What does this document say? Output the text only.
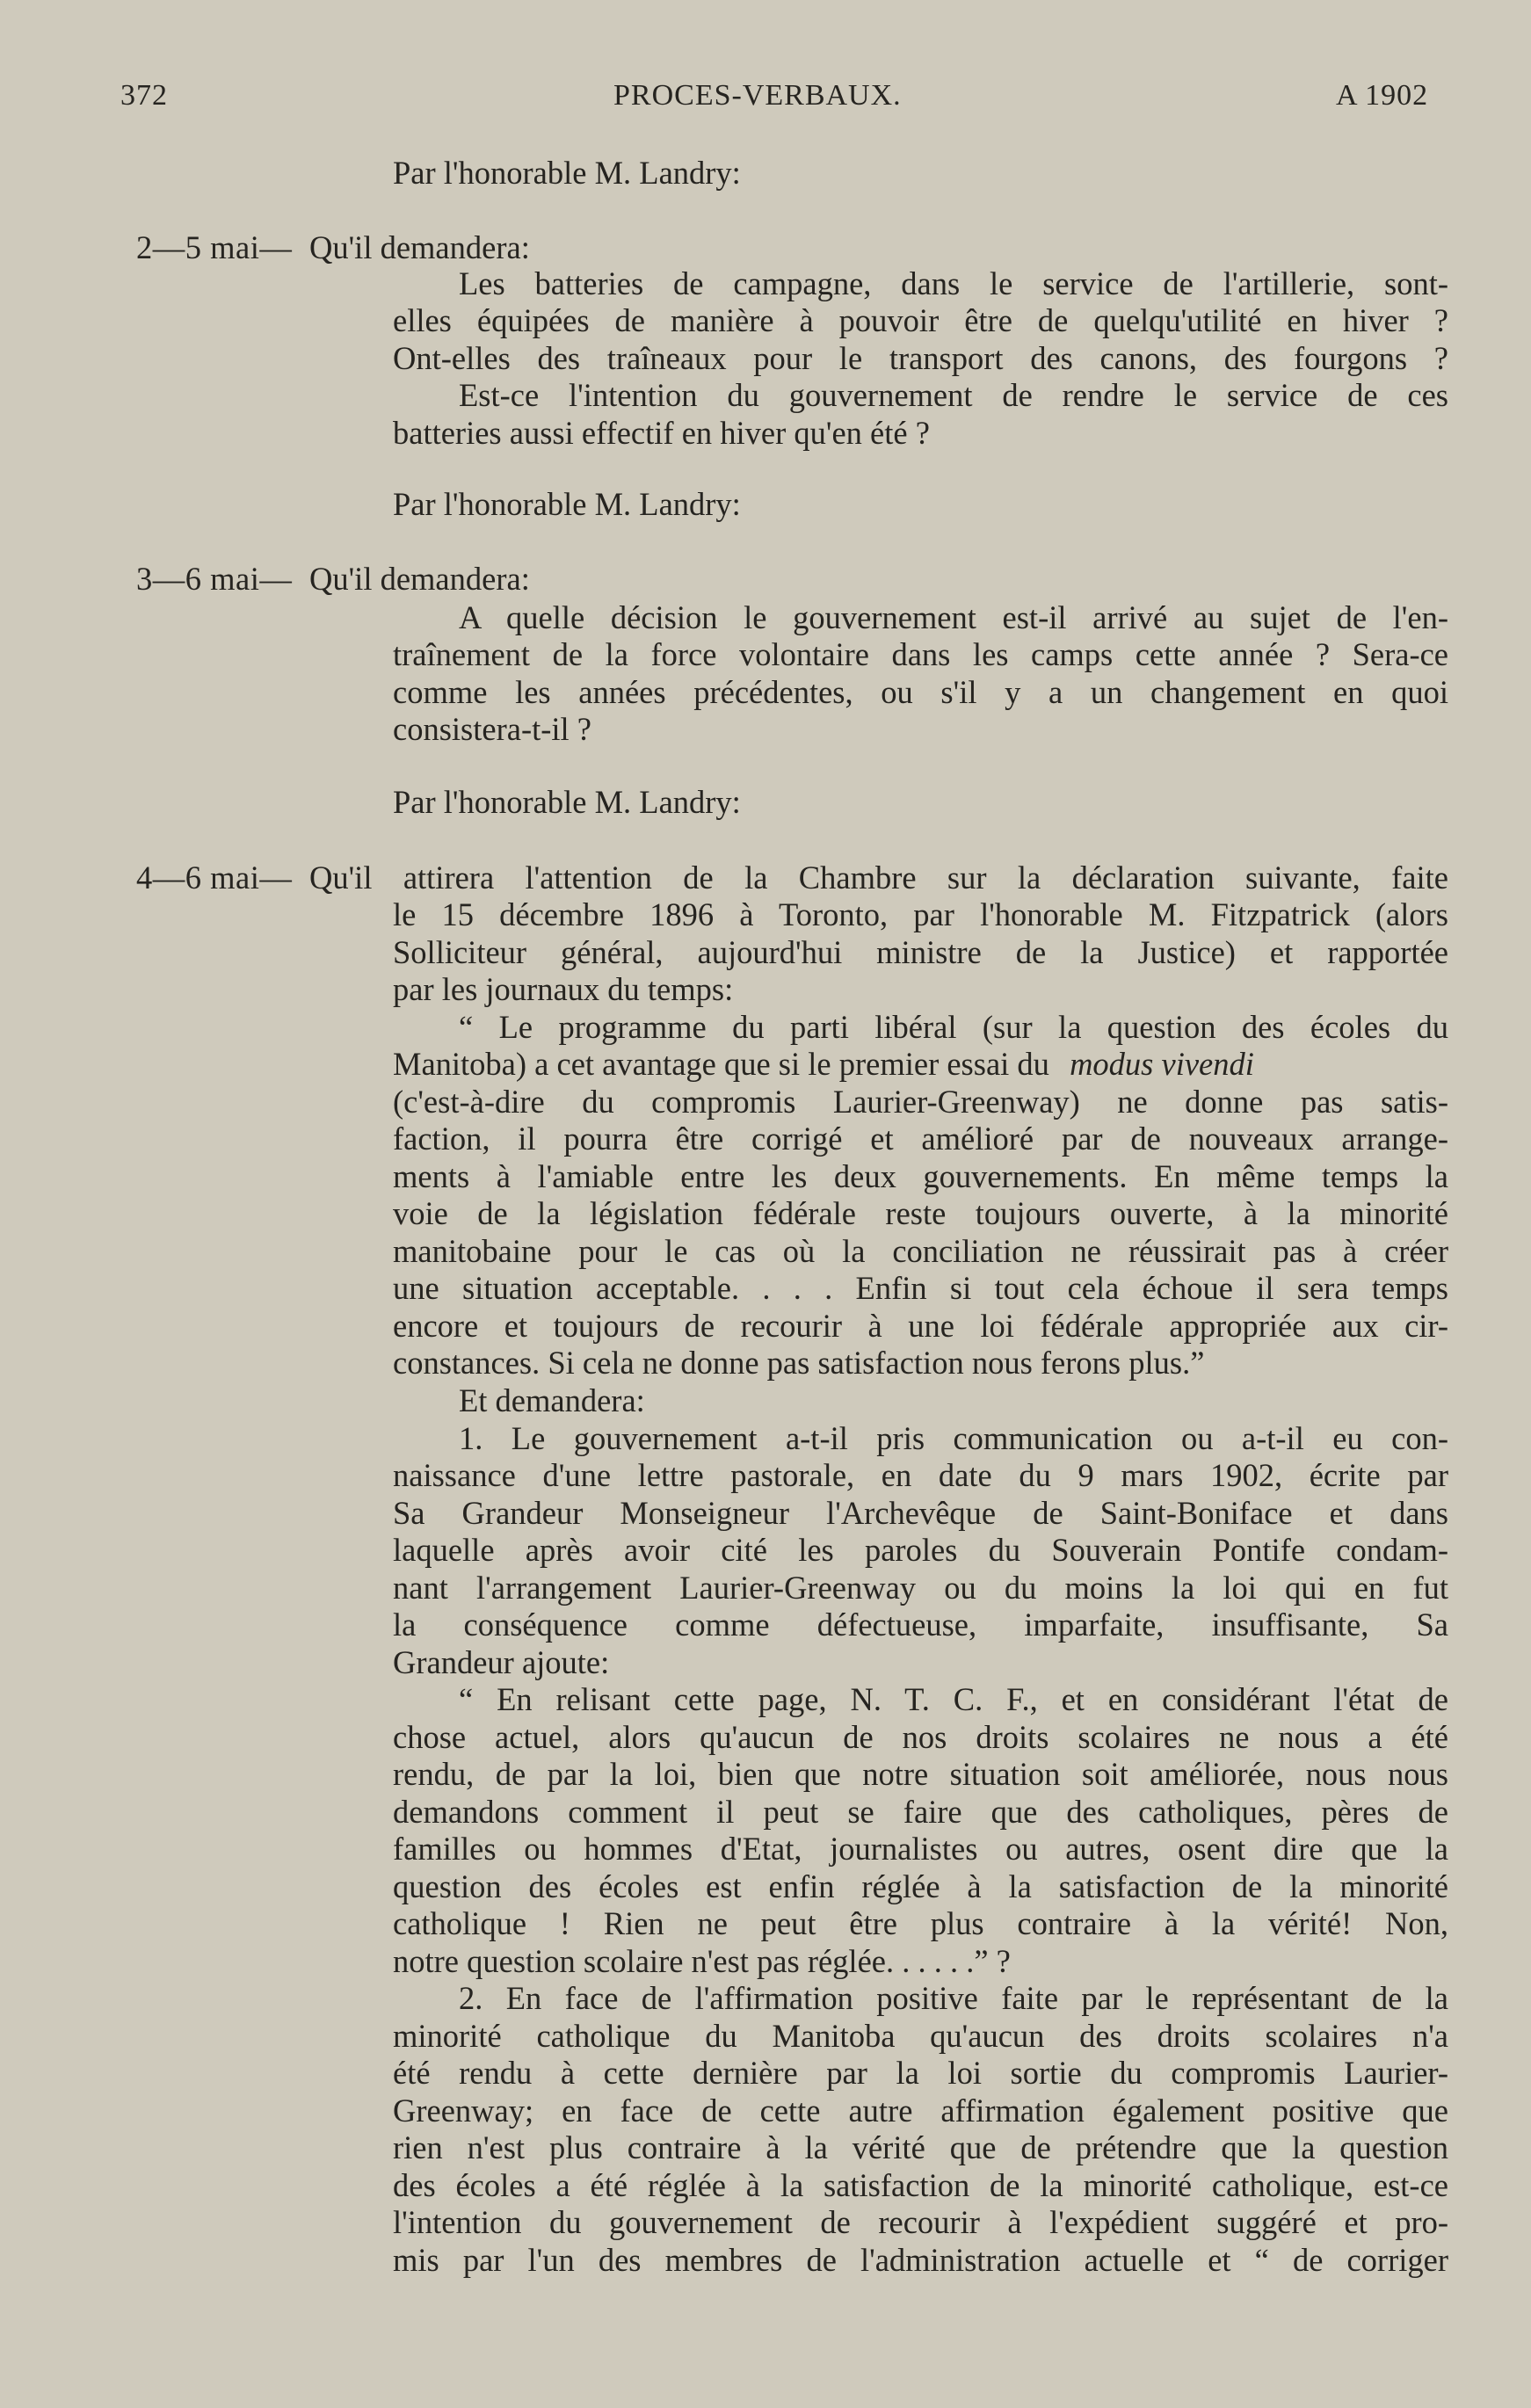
372	PROCES-VERBAUX.	A 1902
Par l'honorable M. Landry:
2—5 mai— Qu'il demandera:
Les batteries de campagne, dans le service de l'artillerie, sont-
elles équipées de manière à pouvoir être de quelqu'utilité en hiver ?
Ont-elles des traîneaux pour le transport des canons, des fourgons ?
Est-ce l'intention du gouvernement de rendre le service de ces
batteries aussi effectif en hiver qu'en été ?
Par l'honorable M. Landry:
3—6 mai— Qu'il demandera:
A quelle décision le gouvernement est-il arrivé au sujet de l'en-
traînement de la force volontaire dans les camps cette année ? Sera-ce
comme les années précédentes, ou s'il y a un changement en quoi
consistera-t-il ?
Par l'honorable M. Landry:
4—6 mai— Qu'il attirera l'attention de la Chambre sur la déclaration suivante, faite
le 15 décembre 1896 à Toronto, par l'honorable M. Fitzpatrick (alors
Solliciteur général, aujourd'hui ministre de la Justice) et rapportée
par les journaux du temps:
“ Le programme du parti libéral (sur la question des écoles du
Manitoba) a cet avantage que si le premier essai du modus vivendi
(c'est-à-dire du compromis Laurier-Greenway) ne donne pas satis-
faction, il pourra être corrigé et amélioré par de nouveaux arrange-
ments à l'amiable entre les deux gouvernements. En même temps la
voie de la législation fédérale reste toujours ouverte, à la minorité
manitobaine pour le cas où la conciliation ne réussirait pas à créer
une situation acceptable. . . . Enfin si tout cela échoue il sera temps
encore et toujours de recourir à une loi fédérale appropriée aux cir-
constances. Si cela ne donne pas satisfaction nous ferons plus.”
Et demandera:
1. Le gouvernement a-t-il pris communication ou a-t-il eu con-
naissance d'une lettre pastorale, en date du 9 mars 1902, écrite par
Sa Grandeur Monseigneur l'Archevêque de Saint-Boniface et dans
laquelle après avoir cité les paroles du Souverain Pontife condam-
nant l'arrangement Laurier-Greenway ou du moins la loi qui en fut
la conséquence comme défectueuse, imparfaite, insuffisante, Sa
Grandeur ajoute:
“ En relisant cette page, N. T. C. F., et en considérant l'état de
chose actuel, alors qu'aucun de nos droits scolaires ne nous a été
rendu, de par la loi, bien que notre situation soit améliorée, nous nous
demandons comment il peut se faire que des catholiques, pères de
familles ou hommes d'Etat, journalistes ou autres, osent dire que la
question des écoles est enfin réglée à la satisfaction de la minorité
catholique ! Rien ne peut être plus contraire à la vérité! Non,
notre question scolaire n'est pas réglée. . . . . .” ?
2. En face de l'affirmation positive faite par le représentant de la
minorité catholique du Manitoba qu'aucun des droits scolaires n'a
été rendu à cette dernière par la loi sortie du compromis Laurier-
Greenway; en face de cette autre affirmation également positive que
rien n'est plus contraire à la vérité que de prétendre que la question
des écoles a été réglée à la satisfaction de la minorité catholique, est-ce
l'intention du gouvernement de recourir à l'expédient suggéré et pro-
mis par l'un des membres de l'administration actuelle et “ de corriger
